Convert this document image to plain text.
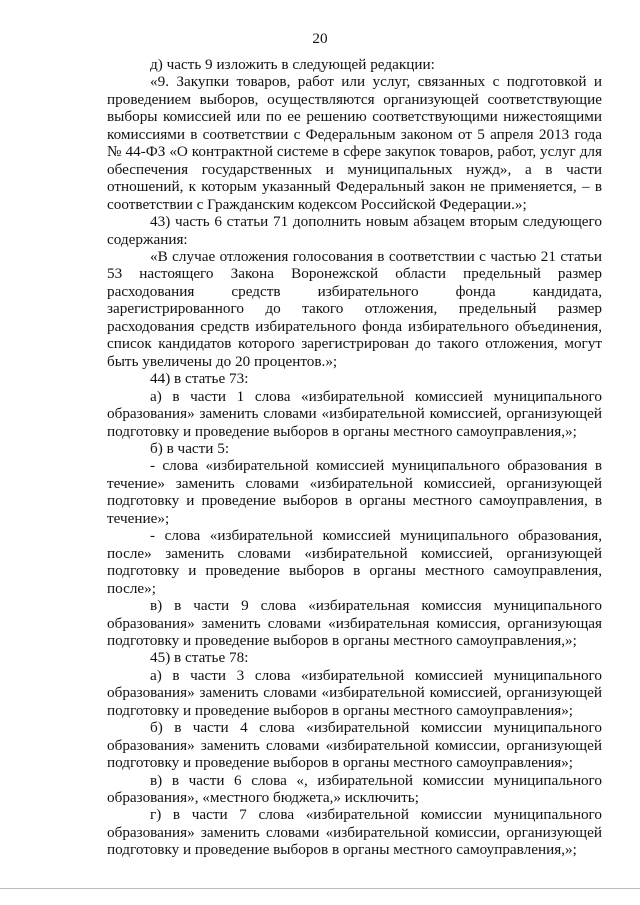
20

д) часть 9 изложить в следующей редакции:

«9. Закупки товаров, работ или услуг, связанных с подготовкой и проведением выборов, осуществляются организующей соответствующие выборы комиссией или по ее решению соответствующими нижестоящими комиссиями в соответствии с Федеральным законом от 5 апреля 2013 года № 44-ФЗ «О контрактной системе в сфере закупок товаров, работ, услуг для обеспечения государственных и муниципальных нужд», а в части отношений, к которым указанный Федеральный закон не применяется, – в соответствии с Гражданским кодексом Российской Федерации.»;

43) часть 6 статьи 71 дополнить новым абзацем вторым следующего содержания:

«В случае отложения голосования в соответствии с частью 21 статьи 53 настоящего Закона Воронежской области предельный размер расходования средств избирательного фонда кандидата, зарегистрированного до такого отложения, предельный размер расходования средств избирательного фонда избирательного объединения, список кандидатов которого зарегистрирован до такого отложения, могут быть увеличены до 20 процентов.»;

44) в статье 73:

а) в части 1 слова «избирательной комиссией муниципального образования» заменить словами «избирательной комиссией, организующей подготовку и проведение выборов в органы местного самоуправления,»;

б) в части 5:

- слова «избирательной комиссией муниципального образования в течение» заменить словами «избирательной комиссией, организующей подготовку и проведение выборов в органы местного самоуправления, в течение»;

- слова «избирательной комиссией муниципального образования, после» заменить словами «избирательной комиссией, организующей подготовку и проведение выборов в органы местного самоуправления, после»;

в) в части 9 слова «избирательная комиссия муниципального образования» заменить словами «избирательная комиссия, организующая подготовку и проведение выборов в органы местного самоуправления,»;

45) в статье 78:

а) в части 3 слова «избирательной комиссией муниципального образования» заменить словами «избирательной комиссией, организующей подготовку и проведение выборов в органы местного самоуправления»;

б) в части 4 слова «избирательной комиссии муниципального образования» заменить словами «избирательной комиссии, организующей подготовку и проведение выборов в органы местного самоуправления»;

в) в части 6 слова «, избирательной комиссии муниципального образования», «местного бюджета,» исключить;

г) в части 7 слова «избирательной комиссии муниципального образования» заменить словами «избирательной комиссии, организующей подготовку и проведение выборов в органы местного самоуправления,»;
